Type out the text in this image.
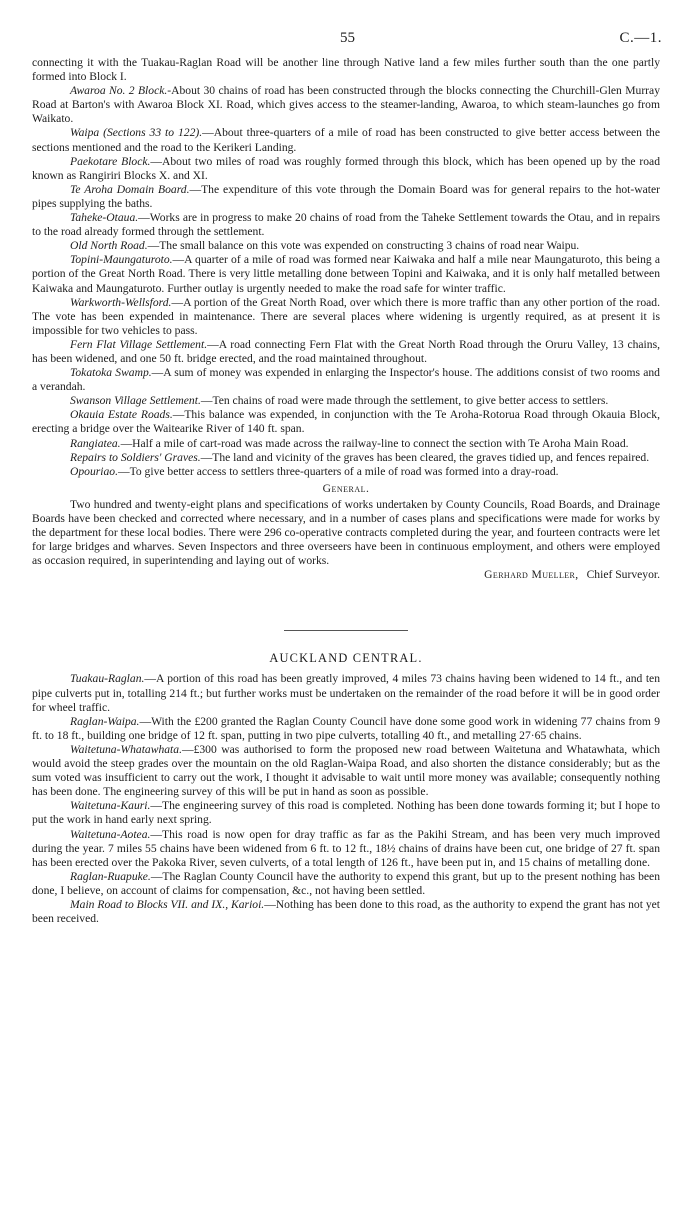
55	C.—1.

connecting it with the Tuakau-Raglan Road will be another line through Native land a few miles further south than the one partly formed into Block I.

Awaroa No. 2 Block.-About 30 chains of road has been constructed through the blocks connecting the Churchill-Glen Murray Road at Barton's with Awaroa Block XI. Road, which gives access to the steamer-landing, Awaroa, to which steam-launches go from Waikato.

Waipa (Sections 33 to 122).—About three-quarters of a mile of road has been constructed to give better access between the sections mentioned and the road to the Kerikeri Landing.

Paekotare Block.—About two miles of road was roughly formed through this block, which has been opened up by the road known as Rangiriri Blocks X. and XI.

Te Aroha Domain Board.—The expenditure of this vote through the Domain Board was for general repairs to the hot-water pipes supplying the baths.

Taheke-Otaua.—Works are in progress to make 20 chains of road from the Taheke Settlement towards the Otau, and in repairs to the road already formed through the settlement.

Old North Road.—The small balance on this vote was expended on constructing 3 chains of road near Waipu.

Topini-Maungaturoto.—A quarter of a mile of road was formed near Kaiwaka and half a mile near Maungaturoto, this being a portion of the Great North Road. There is very little metalling done between Topini and Kaiwaka, and it is only half metalled between Kaiwaka and Maungaturoto. Further outlay is urgently needed to make the road safe for winter traffic.

Warkworth-Wellsford.—A portion of the Great North Road, over which there is more traffic than any other portion of the road. The vote has been expended in maintenance. There are several places where widening is urgently required, as at present it is impossible for two vehicles to pass.

Fern Flat Village Settlement.—A road connecting Fern Flat with the Great North Road through the Oruru Valley, 13 chains, has been widened, and one 50 ft. bridge erected, and the road maintained throughout.

Tokatoka Swamp.—A sum of money was expended in enlarging the Inspector's house. The additions consist of two rooms and a verandah.

Swanson Village Settlement.—Ten chains of road were made through the settlement, to give better access to settlers.

Okauia Estate Roads.—This balance was expended, in conjunction with the Te Aroha-Rotorua Road through Okauia Block, erecting a bridge over the Waitearike River of 140 ft. span.

Rangiatea.—Half a mile of cart-road was made across the railway-line to connect the section with Te Aroha Main Road.

Repairs to Soldiers' Graves.—The land and vicinity of the graves has been cleared, the graves tidied up, and fences repaired.

Opouriao.—To give better access to settlers three-quarters of a mile of road was formed into a dray-road.

General.

Two hundred and twenty-eight plans and specifications of works undertaken by County Councils, Road Boards, and Drainage Boards have been checked and corrected where necessary, and in a number of cases plans and specifications were made for works by the department for these local bodies. There were 296 co-operative contracts completed during the year, and fourteen contracts were let for large bridges and wharves. Seven Inspectors and three overseers have been in continuous employment, and others were employed as occasion required, in superintending and laying out of works.

Gerhard Mueller, Chief Surveyor.

AUCKLAND CENTRAL.

Tuakau-Raglan.—A portion of this road has been greatly improved, 4 miles 73 chains having been widened to 14 ft., and ten pipe culverts put in, totalling 214 ft.; but further works must be undertaken on the remainder of the road before it will be in good order for wheel traffic.

Raglan-Waipa.—With the £200 granted the Raglan County Council have done some good work in widening 77 chains from 9 ft. to 18 ft., building one bridge of 12 ft. span, putting in two pipe culverts, totalling 40 ft., and metalling 27·65 chains.

Waitetuna-Whatawhata.—£300 was authorised to form the proposed new road between Waitetuna and Whatawhata, which would avoid the steep grades over the mountain on the old Raglan-Waipa Road, and also shorten the distance considerably; but as the sum voted was insufficient to carry out the work, I thought it advisable to wait until more money was available; consequently nothing has been done. The engineering survey of this will be put in hand as soon as possible.

Waitetuna-Kauri.—The engineering survey of this road is completed. Nothing has been done towards forming it; but I hope to put the work in hand early next spring.

Waitetuna-Aotea.—This road is now open for dray traffic as far as the Pakihi Stream, and has been very much improved during the year. 7 miles 55 chains have been widened from 6 ft. to 12 ft., 18½ chains of drains have been cut, one bridge of 27 ft. span has been erected over the Pakoka River, seven culverts, of a total length of 126 ft., have been put in, and 15 chains of metalling done.

Raglan-Ruapuke.—The Raglan County Council have the authority to expend this grant, but up to the present nothing has been done, I believe, on account of claims for compensation, &c., not having been settled.

Main Road to Blocks VII. and IX., Karioi.—Nothing has been done to this road, as the authority to expend the grant has not yet been received.
